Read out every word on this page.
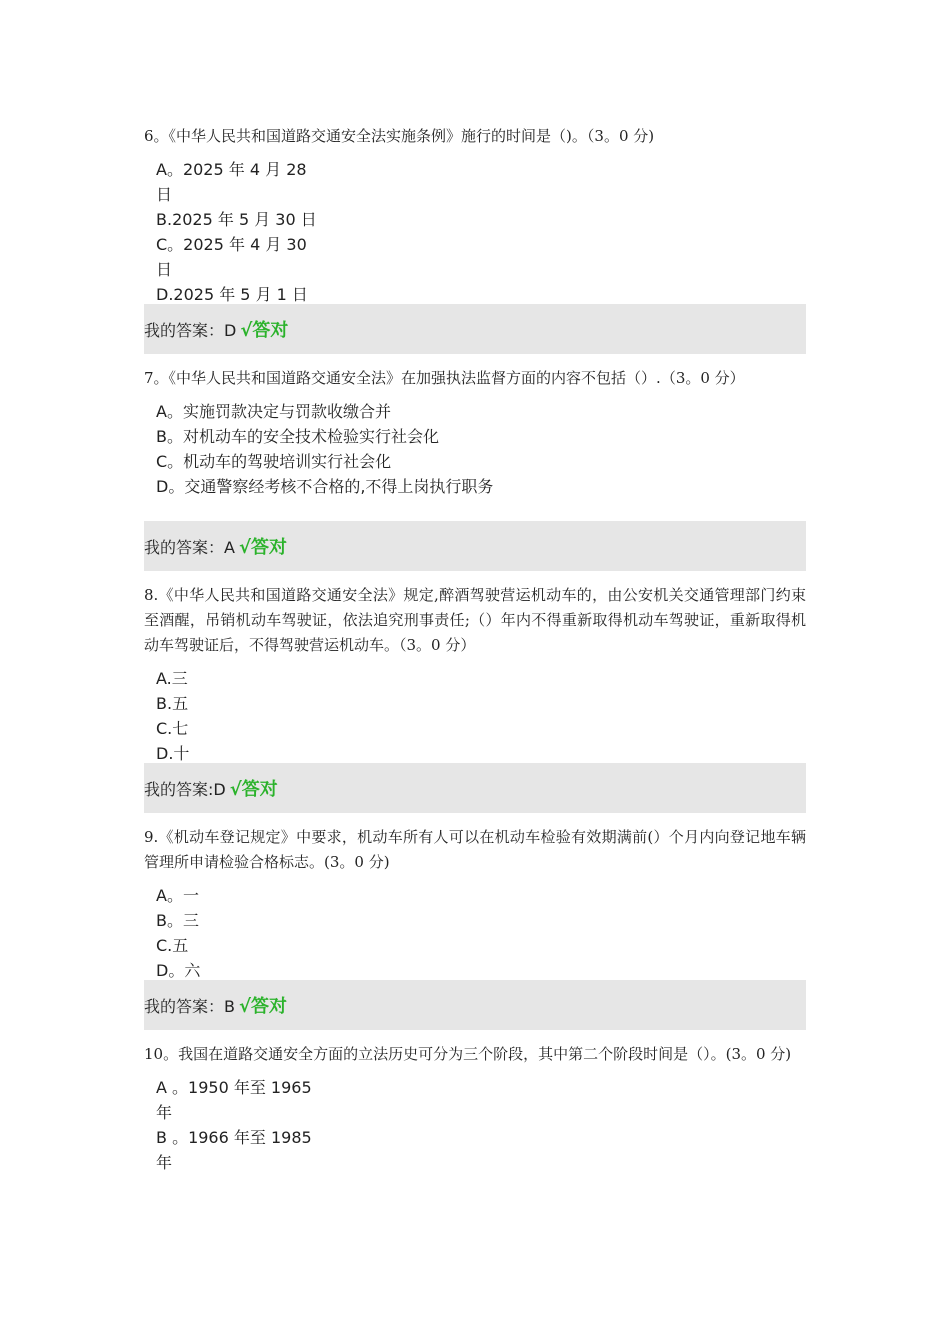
6。《中华人民共和国道路交通安全法实施条例》施行的时间是（)。（3。0 分)

A。2025 年 4 月 28 日
B.2025 年 5 月 30 日
C。2025 年 4 月 30 日
D.2025 年 5 月 1 日
我的答案：D √答对

7。《中华人民共和国道路交通安全法》在加强执法监督方面的内容不包括（）.（3。0 分）

A。实施罚款决定与罚款收缴合并
B。对机动车的安全技术检验实行社会化
C。机动车的驾驶培训实行社会化
D。交通警察经考核不合格的,不得上岗执行职务
我的答案：A √答对

8.《中华人民共和国道路交通安全法》规定,醉酒驾驶营运机动车的，由公安机关交通管理部门约束至酒醒，吊销机动车驾驶证，依法追究刑事责任;（）年内不得重新取得机动车驾驶证，重新取得机动车驾驶证后，不得驾驶营运机动车。（3。0 分）

A.三
B.五
C.七
D.十
我的答案:D √答对

9.《机动车登记规定》中要求，机动车所有人可以在机动车检验有效期满前(）个月内向登记地车辆管理所申请检验合格标志。(3。0 分)

A。一
B。三
C.五
D。六
我的答案：B √答对

10。我国在道路交通安全方面的立法历史可分为三个阶段，其中第二个阶段时间是（）。(3。0 分)

A 。1950 年至 1965 年
B 。1966 年至 1985 年
